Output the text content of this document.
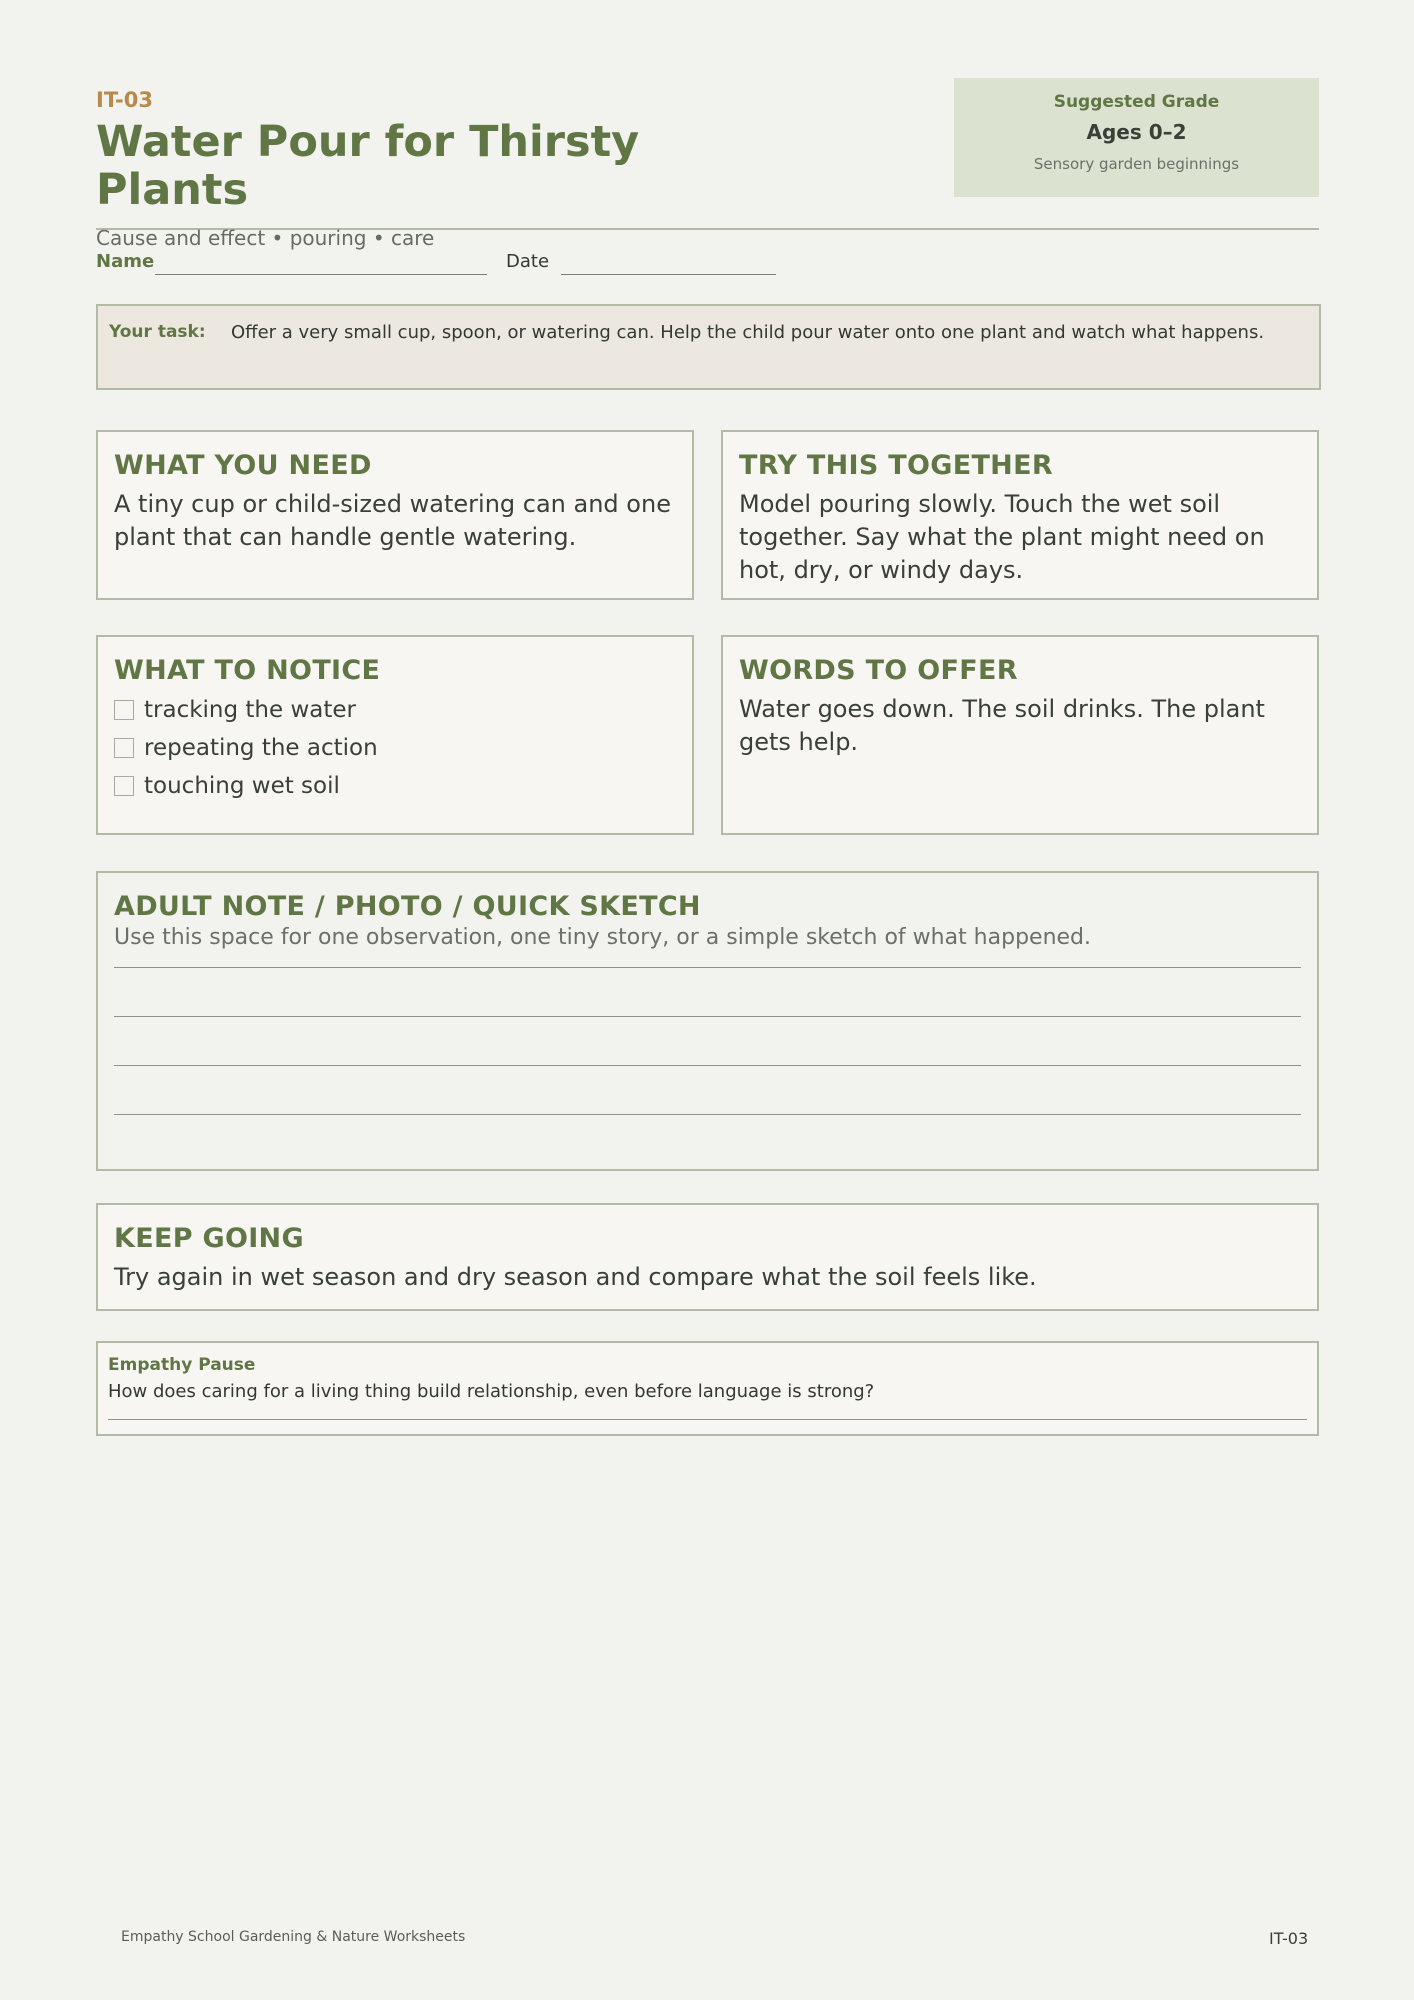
IT-03
Water Pour for Thirsty Plants
Suggested Grade
Ages 0–2
Sensory garden beginnings
Cause and effect • pouring • care
Name	Date
Your task: Offer a very small cup, spoon, or watering can. Help the child pour water onto one plant and watch what happens.
WHAT YOU NEED
A tiny cup or child-sized watering can and one plant that can handle gentle watering.
TRY THIS TOGETHER
Model pouring slowly. Touch the wet soil together. Say what the plant might need on hot, dry, or windy days.
WHAT TO NOTICE
tracking the water
repeating the action
touching wet soil
WORDS TO OFFER
Water goes down. The soil drinks. The plant gets help.
ADULT NOTE / PHOTO / QUICK SKETCH
Use this space for one observation, one tiny story, or a simple sketch of what happened.
KEEP GOING
Try again in wet season and dry season and compare what the soil feels like.
Empathy Pause
How does caring for a living thing build relationship, even before language is strong?
Empathy School Gardening & Nature Worksheets	IT-03
